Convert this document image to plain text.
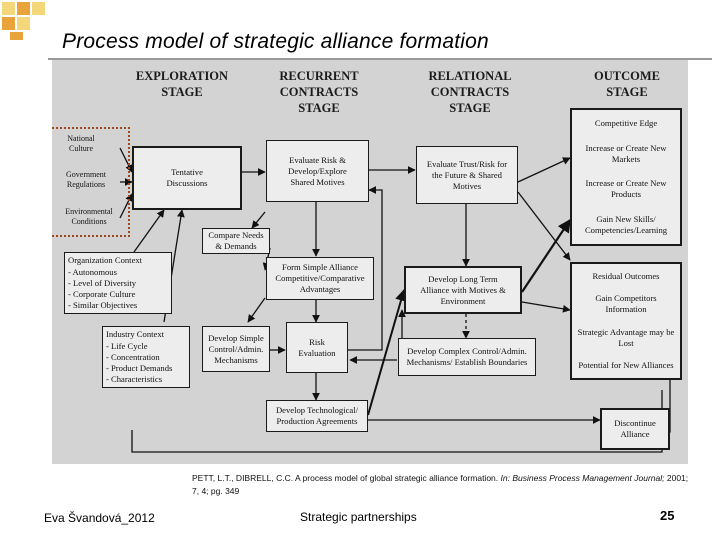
Process model of strategic alliance formation
EXPLORATION
STAGE
RECURRENT
CONTRACTS
STAGE
RELATIONAL
CONTRACTS
STAGE
OUTCOME
STAGE
National
Culture
Government
Regulations
Environmental
Conditions
Tentative
Discussions
Compare Needs
& Demands
Organization Context
- Autonomous
- Level of Diversity
- Corporate Culture
- Similar Objectives
Industry Context
- Life Cycle
- Concentration
- Product Demands
- Characteristics
Evaluate Risk &
Develop/Explore
Shared Motives
Form Simple Alliance
Competitive/Comparative
Advantages
Develop Simple
Control/Admin.
Mechanisms
Risk
Evaluation
Develop Technological/
Production Agreements
Evaluate Trust/Risk for
the Future & Shared
Motives
Develop Long Term
Alliance with Motives &
Environment
Develop Complex Control/Admin.
Mechanisms/ Establish Boundaries
Competitive Edge
Increase or Create New Markets
Increase or Create New Products
Gain New Skills/ Competencies/Learning
Residual Outcomes
Gain Competitors Information
Strategic Advantage may be Lost
Potential for New Alliances
Discontinue
Alliance
PETT, L.T., DIBRELL, C.C. A process model of global strategic alliance formation. In: Business Process Management Journal; 2001; 7, 4; pg. 349
Eva Švandová_2012	Strategic partnerships	25
